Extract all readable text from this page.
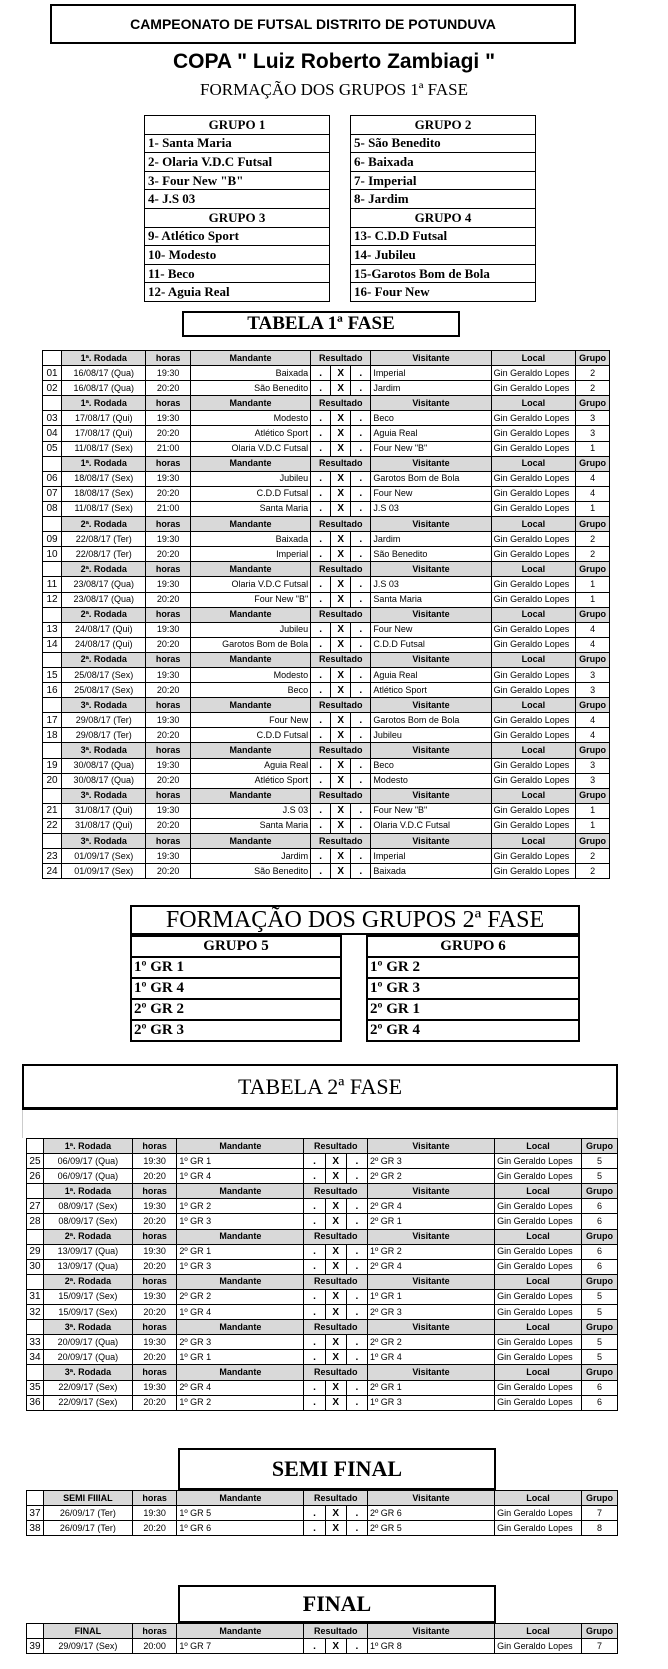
CAMPEONATO DE FUTSAL DISTRITO DE POTUNDUVA
COPA " Luiz Roberto Zambiagi "
FORMAÇÃO DOS GRUPOS 1ª FASE
GRUPO 1
1- Santa Maria
2- Olaria V.D.C Futsal
3- Four New "B"
4- J.S 03
GRUPO 3
9- Atlético Sport
10- Modesto
11- Beco
12- Aguia Real
GRUPO 2
5- São Benedito
6- Baixada
7- Imperial
8- Jardim
GRUPO 4
13- C.D.D Futsal
14- Jubileu
15-Garotos Bom de Bola
16- Four New
TABELA 1ª FASE
	1ª. Rodada	horas	Mandante	Resultado			Visitante	Local	Grupo
01	16/08/17 (Qua)	19:30	Baixada	.	X	.	Imperial	Gin Geraldo Lopes	2
02	16/08/17 (Qua)	20:20	São Benedito	.	X	.	Jardim	Gin Geraldo Lopes	2
	1ª. Rodada	horas	Mandante	Resultado			Visitante	Local	Grupo
03	17/08/17 (Qui)	19:30	Modesto	.	X	.	Beco	Gin Geraldo Lopes	3
04	17/08/17 (Qui)	20:20	Atlético Sport	.	X	.	Aguia Real	Gin Geraldo Lopes	3
05	11/08/17 (Sex)	21:00	Olaria V.D.C Futsal	.	X	.	Four New "B"	Gin Geraldo Lopes	1
	1ª. Rodada	horas	Mandante	Resultado			Visitante	Local	Grupo
06	18/08/17 (Sex)	19:30	Jubileu	.	X	.	Garotos Bom de Bola	Gin Geraldo Lopes	4
07	18/08/17 (Sex)	20:20	C.D.D Futsal	.	X	.	Four New	Gin Geraldo Lopes	4
08	11/08/17 (Sex)	21:00	Santa Maria	.	X	.	J.S 03	Gin Geraldo Lopes	1
	2ª. Rodada	horas	Mandante	Resultado			Visitante	Local	Grupo
09	22/08/17 (Ter)	19:30	Baixada	.	X	.	Jardim	Gin Geraldo Lopes	2
10	22/08/17 (Ter)	20:20	Imperial	.	X	.	São Benedito	Gin Geraldo Lopes	2
	2ª. Rodada	horas	Mandante	Resultado			Visitante	Local	Grupo
11	23/08/17 (Qua)	19:30	Olaria V.D.C Futsal	.	X	.	J.S 03	Gin Geraldo Lopes	1
12	23/08/17 (Qua)	20:20	Four New "B"	.	X	.	Santa Maria	Gin Geraldo Lopes	1
	2ª. Rodada	horas	Mandante	Resultado			Visitante	Local	Grupo
13	24/08/17 (Qui)	19:30	Jubileu	.	X	.	Four New	Gin Geraldo Lopes	4
14	24/08/17 (Qui)	20:20	Garotos Bom de Bola	.	X	.	C.D.D Futsal	Gin Geraldo Lopes	4
	2ª. Rodada	horas	Mandante	Resultado			Visitante	Local	Grupo
15	25/08/17 (Sex)	19:30	Modesto	.	X	.	Aguia Real	Gin Geraldo Lopes	3
16	25/08/17 (Sex)	20:20	Beco	.	X	.	Atlético Sport	Gin Geraldo Lopes	3
	3ª. Rodada	horas	Mandante	Resultado			Visitante	Local	Grupo
17	29/08/17 (Ter)	19:30	Four New	.	X	.	Garotos Bom de Bola	Gin Geraldo Lopes	4
18	29/08/17 (Ter)	20:20	C.D.D Futsal	.	X	.	Jubileu	Gin Geraldo Lopes	4
	3ª. Rodada	horas	Mandante	Resultado			Visitante	Local	Grupo
19	30/08/17 (Qua)	19:30	Aguia Real	.	X	.	Beco	Gin Geraldo Lopes	3
20	30/08/17 (Qua)	20:20	Atlético Sport	.	X	.	Modesto	Gin Geraldo Lopes	3
	3ª. Rodada	horas	Mandante	Resultado			Visitante	Local	Grupo
21	31/08/17 (Qui)	19:30	J.S 03	.	X	.	Four New "B"	Gin Geraldo Lopes	1
22	31/08/17 (Qui)	20:20	Santa Maria	.	X	.	Olaria V.D.C Futsal	Gin Geraldo Lopes	1
	3ª. Rodada	horas	Mandante	Resultado			Visitante	Local	Grupo
23	01/09/17 (Sex)	19:30	Jardim	.	X	.	Imperial	Gin Geraldo Lopes	2
24	01/09/17 (Sex)	20:20	São Benedito	.	X	.	Baixada	Gin Geraldo Lopes	2
FORMAÇÃO DOS GRUPOS 2ª FASE
GRUPO 5
1º GR 1
1º GR 4
2º GR 2
2º GR 3
GRUPO 6
1º GR 2
1º GR 3
2º GR 1
2º GR 4
TABELA 2ª FASE
	1ª. Rodada	horas	Mandante	Resultado			Visitante	Local	Grupo
25	06/09/17 (Qua)	19:30	1º GR 1	.	X	.	2º GR 3	Gin Geraldo Lopes	5
26	06/09/17 (Qua)	20:20	1º GR 4	.	X	.	2º GR 2	Gin Geraldo Lopes	5
	1ª. Rodada	horas	Mandante	Resultado			Visitante	Local	Grupo
27	08/09/17 (Sex)	19:30	1º GR 2	.	X	.	2º GR 4	Gin Geraldo Lopes	6
28	08/09/17 (Sex)	20:20	1º GR 3	.	X	.	2º GR 1	Gin Geraldo Lopes	6
	2ª. Rodada	horas	Mandante	Resultado			Visitante	Local	Grupo
29	13/09/17 (Qua)	19:30	2º GR 1	.	X	.	1º GR 2	Gin Geraldo Lopes	6
30	13/09/17 (Qua)	20:20	1º GR 3	.	X	.	2º GR 4	Gin Geraldo Lopes	6
	2ª. Rodada	horas	Mandante	Resultado			Visitante	Local	Grupo
31	15/09/17 (Sex)	19:30	2º GR 2	.	X	.	1º GR 1	Gin Geraldo Lopes	5
32	15/09/17 (Sex)	20:20	1º GR 4	.	X	.	2º GR 3	Gin Geraldo Lopes	5
	3ª. Rodada	horas	Mandante	Resultado			Visitante	Local	Grupo
33	20/09/17 (Qua)	19:30	2º GR 3	.	X	.	2º GR 2	Gin Geraldo Lopes	5
34	20/09/17 (Qua)	20:20	1º GR 1	.	X	.	1º GR 4	Gin Geraldo Lopes	5
	3ª. Rodada	horas	Mandante	Resultado			Visitante	Local	Grupo
35	22/09/17 (Sex)	19:30	2º GR 4	.	X	.	2º GR 1	Gin Geraldo Lopes	6
36	22/09/17 (Sex)	20:20	1º GR 2	.	X	.	1º GR 3	Gin Geraldo Lopes	6
SEMI FINAL
	SEMI FIIIAL	horas	Mandante	Resultado			Visitante	Local	Grupo
37	26/09/17 (Ter)	19:30	1º GR 5	.	X	.	2º GR 6	Gin Geraldo Lopes	7
38	26/09/17 (Ter)	20:20	1º GR 6	.	X	.	2º GR 5	Gin Geraldo Lopes	8
FINAL
	FINAL	horas	Mandante	Resultado			Visitante	Local	Grupo
39	29/09/17 (Sex)	20:00	1º GR 7	.	X	.	1º GR 8	Gin Geraldo Lopes	7
